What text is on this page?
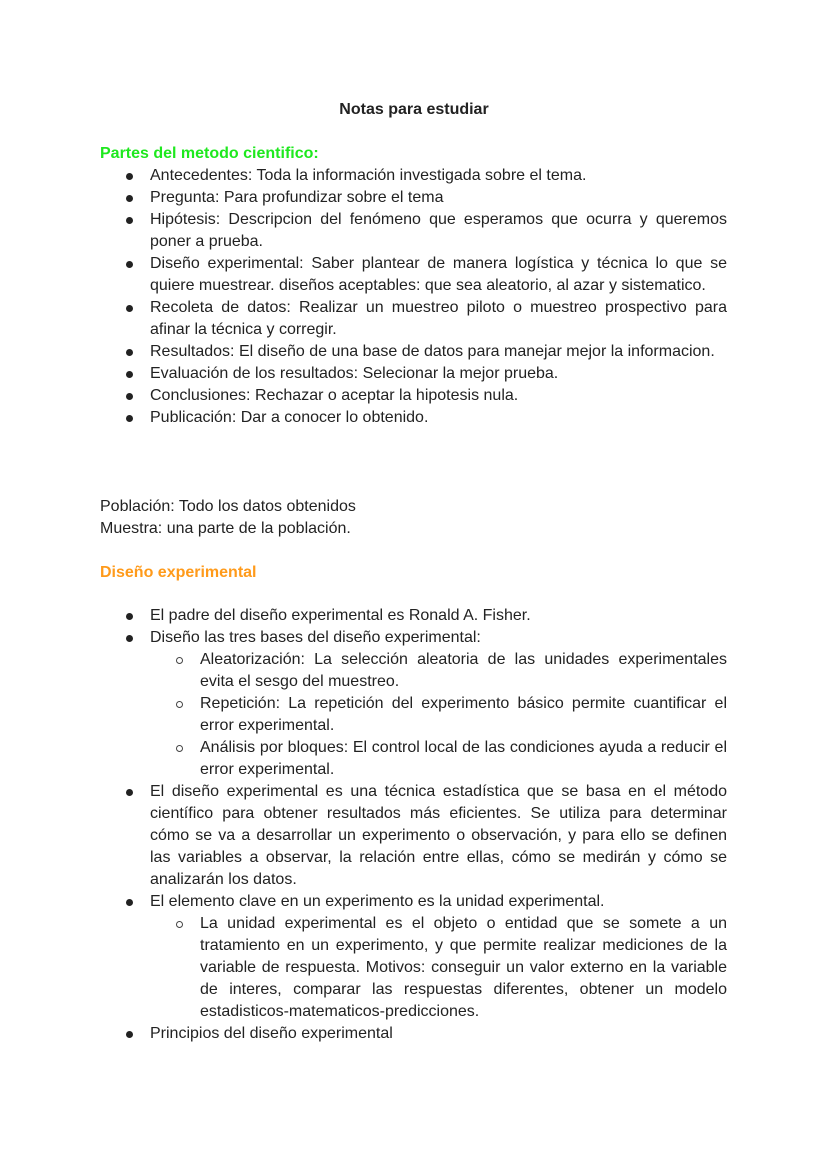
Notas para estudiar
Partes del metodo cientifico:
Antecedentes: Toda la información investigada sobre el tema.
Pregunta: Para profundizar sobre el tema
Hipótesis: Descripcion del fenómeno que esperamos que ocurra y queremos poner a prueba.
Diseño experimental: Saber plantear de manera logística y técnica lo que se quiere muestrear. diseños aceptables: que sea aleatorio, al azar y sistematico.
Recoleta de datos: Realizar un muestreo piloto o muestreo prospectivo para afinar la técnica y corregir.
Resultados: El diseño de una base de datos para manejar mejor la informacion.
Evaluación de los resultados: Selecionar la mejor prueba.
Conclusiones: Rechazar o aceptar la hipotesis nula.
Publicación: Dar a conocer lo obtenido.
Población: Todo los datos obtenidos
Muestra: una parte de la población.
Diseño experimental
El padre del diseño experimental es Ronald A. Fisher.
Diseño las tres bases del diseño experimental:
Aleatorización: La selección aleatoria de las unidades experimentales evita el sesgo del muestreo.
Repetición: La repetición del experimento básico permite cuantificar el error experimental.
Análisis por bloques: El control local de las condiciones ayuda a reducir el error experimental.
El diseño experimental es una técnica estadística que se basa en el método científico para obtener resultados más eficientes. Se utiliza para determinar cómo se va a desarrollar un experimento o observación, y para ello se definen las variables a observar, la relación entre ellas, cómo se medirán y cómo se analizarán los datos.
El elemento clave en un experimento es la unidad experimental.
La unidad experimental es el objeto o entidad que se somete a un tratamiento en un experimento, y que permite realizar mediciones de la variable de respuesta. Motivos: conseguir un valor externo en la variable de interes, comparar las respuestas diferentes, obtener un modelo estadisticos-matematicos-predicciones.
Principios del diseño experimental
